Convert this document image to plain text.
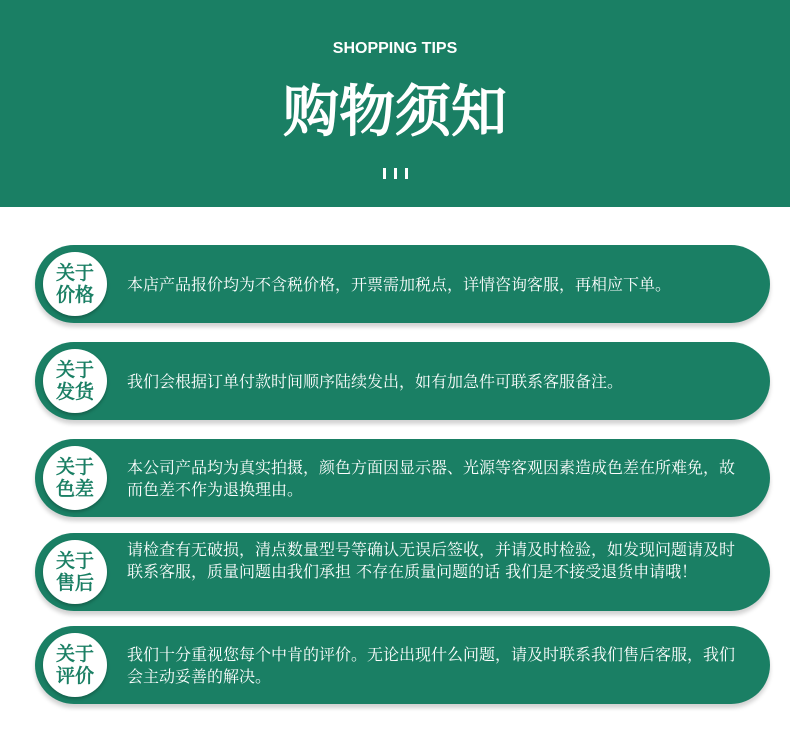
SHOPPING TIPS
购物须知
关于
价格	本店产品报价均为不含税价格，开票需加税点，详情咨询客服，再相应下单。
关于
发货	我们会根据订单付款时间顺序陆续发出，如有加急件可联系客服备注。
关于
色差
本公司产品均为真实拍摄，颜色方面因显示器、光源等客观因素造成色差在所难免，故而色差不作为退换理由。
关于
售后
请检查有无破损，清点数量型号等确认无误后签收，并请及时检验，如发现问题请及时联系客服，质量问题由我们承担 不存在质量问题的话 我们是不接受退货申请哦！
关于
评价
我们十分重视您每个中肯的评价。无论出现什么问题，请及时联系我们售后客服，我们会主动妥善的解决。
